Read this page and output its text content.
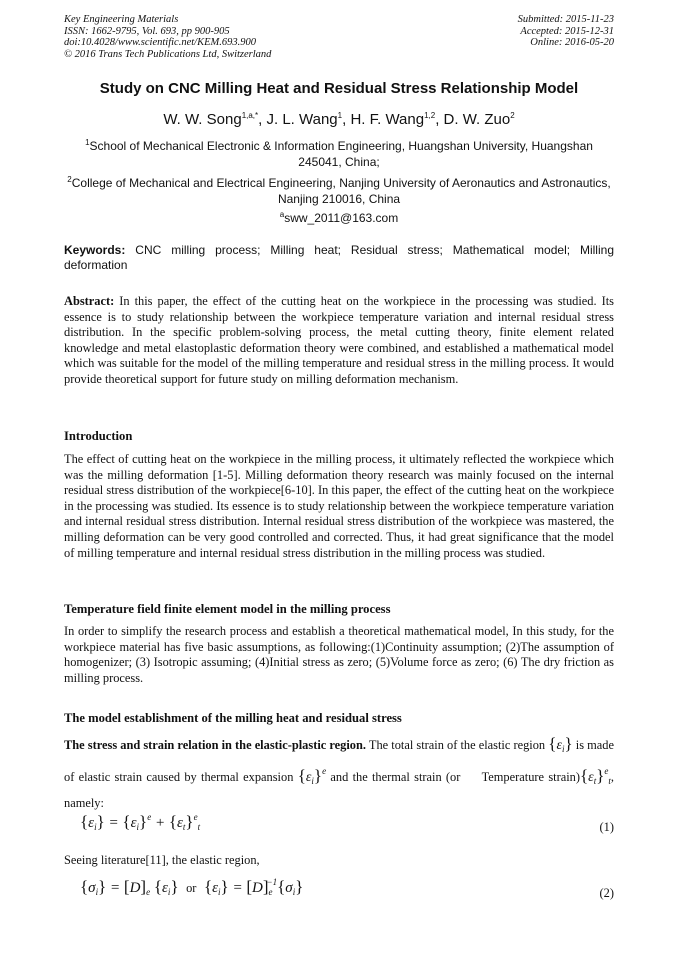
Key Engineering Materials
ISSN: 1662-9795, Vol. 693, pp 900-905
doi:10.4028/www.scientific.net/KEM.693.900
© 2016 Trans Tech Publications Ltd, Switzerland
Submitted: 2015-11-23
Accepted: 2015-12-31
Online: 2016-05-20
Study on CNC Milling Heat and Residual Stress Relationship Model
W. W. Song$^{1,a,*}$, J. L. Wang$^1$, H. F. Wang$^{1,2}$, D. W. Zuo$^2$
$^1$School of Mechanical Electronic & Information Engineering, Huangshan University, Huangshan 245041, China;
$^2$College of Mechanical and Electrical Engineering, Nanjing University of Aeronautics and Astronautics, Nanjing 210016, China
$^a$sww_2011@163.com
Keywords: CNC milling process; Milling heat; Residual stress; Mathematical model; Milling deformation
Abstract: In this paper, the effect of the cutting heat on the workpiece in the processing was studied. Its essence is to study relationship between the workpiece temperature variation and internal residual stress distribution. In the specific problem-solving process, the metal cutting theory, finite element related knowledge and metal elastoplastic deformation theory were combined, and established a mathematical model which was suitable for the model of the milling temperature and residual stress in the milling process. It would provide theoretical support for future study on milling deformation mechanism.
Introduction
The effect of cutting heat on the workpiece in the milling process, it ultimately reflected the workpiece which was the milling deformation [1-5]. Milling deformation theory research was mainly focused on the internal residual stress distribution of the workpiece[6-10]. In this paper, the effect of the cutting heat on the workpiece in the processing was studied. Its essence is to study relationship between the workpiece temperature variation and internal residual stress distribution. Internal residual stress distribution of the workpiece was mastered, the milling deformation can be very good controlled and corrected. Thus, it had great significance that the model of milling temperature and internal residual stress distribution in the milling process was studied.
Temperature field finite element model in the milling process
In order to simplify the research process and establish a theoretical mathematical model, In this study, for the workpiece material has five basic assumptions, as following:(1)Continuity assumption; (2)The assumption of homogenizer; (3) Isotropic assuming; (4)Initial stress as zero; (5)Volume force as zero; (6) The dry friction as milling process.
The model establishment of the milling heat and residual stress
The stress and strain relation in the elastic-plastic region. The total strain of the elastic region $\{\varepsilon_i\}$ is made of elastic strain caused by thermal expansion $\{\varepsilon_i\}^e$ and the thermal strain (or Temperature $strain)\{\varepsilon_t\}^e_t$, namely:
$\{\varepsilon_i\} = \{\varepsilon_i\}^e + \{\varepsilon_t\}^e_t$	(1)
Seeing literature[11], the elastic region,
$\{\sigma_i\} = [D]_e$ $\{\varepsilon_i\}$ or $\{\varepsilon_i\} = [D]_e^{-1}\{\sigma_i\}$	(2)
